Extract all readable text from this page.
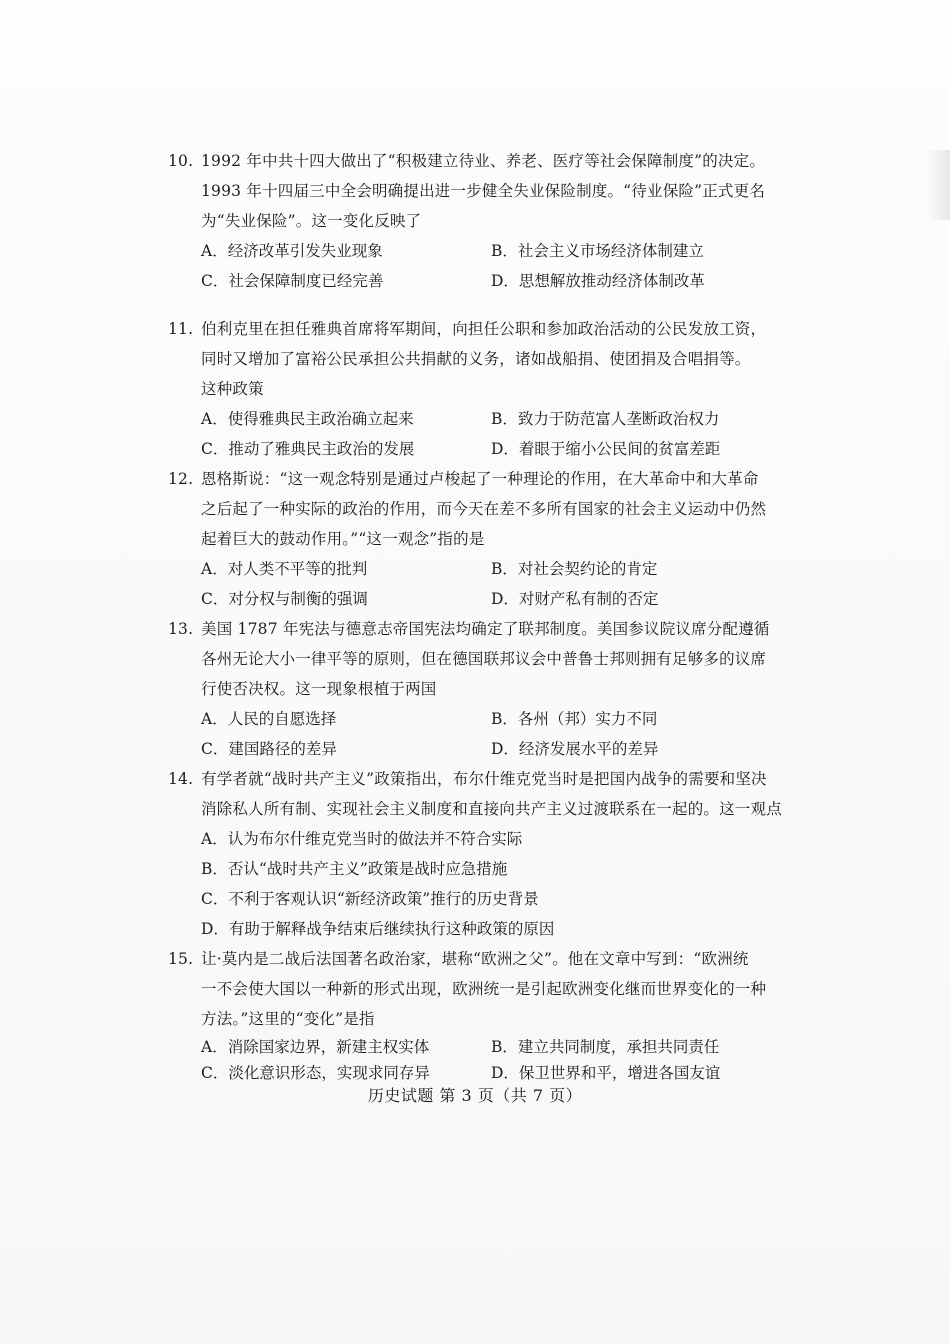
10. 1992 年中共十四大做出了“积极建立待业、养老、医疗等社会保障制度”的决定。
1993 年十四届三中全会明确提出进一步健全失业保险制度。“待业保险”正式更名
为“失业保险”。这一变化反映了
A．经济改革引发失业现象	B．社会主义市场经济体制建立
C．社会保障制度已经完善	D．思想解放推动经济体制改革
11. 伯利克里在担任雅典首席将军期间，向担任公职和参加政治活动的公民发放工资，
同时又增加了富裕公民承担公共捐献的义务，诸如战船捐、使团捐及合唱捐等。
这种政策
A．使得雅典民主政治确立起来	B．致力于防范富人垄断政治权力
C．推动了雅典民主政治的发展	D．着眼于缩小公民间的贫富差距
12. 恩格斯说：“这一观念特别是通过卢梭起了一种理论的作用，在大革命中和大革命
之后起了一种实际的政治的作用，而今天在差不多所有国家的社会主义运动中仍然
起着巨大的鼓动作用。”“这一观念”指的是
A．对人类不平等的批判	B．对社会契约论的肯定
C．对分权与制衡的强调	D．对财产私有制的否定
13. 美国 1787 年宪法与德意志帝国宪法均确定了联邦制度。美国参议院议席分配遵循
各州无论大小一律平等的原则，但在德国联邦议会中普鲁士邦则拥有足够多的议席
行使否决权。这一现象根植于两国
A．人民的自愿选择	B．各州（邦）实力不同
C．建国路径的差异	D．经济发展水平的差异
14. 有学者就“战时共产主义”政策指出，布尔什维克党当时是把国内战争的需要和坚决
消除私人所有制、实现社会主义制度和直接向共产主义过渡联系在一起的。这一观点
A．认为布尔什维克党当时的做法并不符合实际
B．否认“战时共产主义”政策是战时应急措施
C．不利于客观认识“新经济政策”推行的历史背景
D．有助于解释战争结束后继续执行这种政策的原因
15. 让·莫内是二战后法国著名政治家，堪称“欧洲之父”。他在文章中写到：“欧洲统
一不会使大国以一种新的形式出现，欧洲统一是引起欧洲变化继而世界变化的一种
方法。”这里的“变化”是指
A．消除国家边界，新建主权实体	B．建立共同制度，承担共同责任
C．淡化意识形态，实现求同存异	D．保卫世界和平，增进各国友谊
历史试题 第 3 页（共 7 页）
